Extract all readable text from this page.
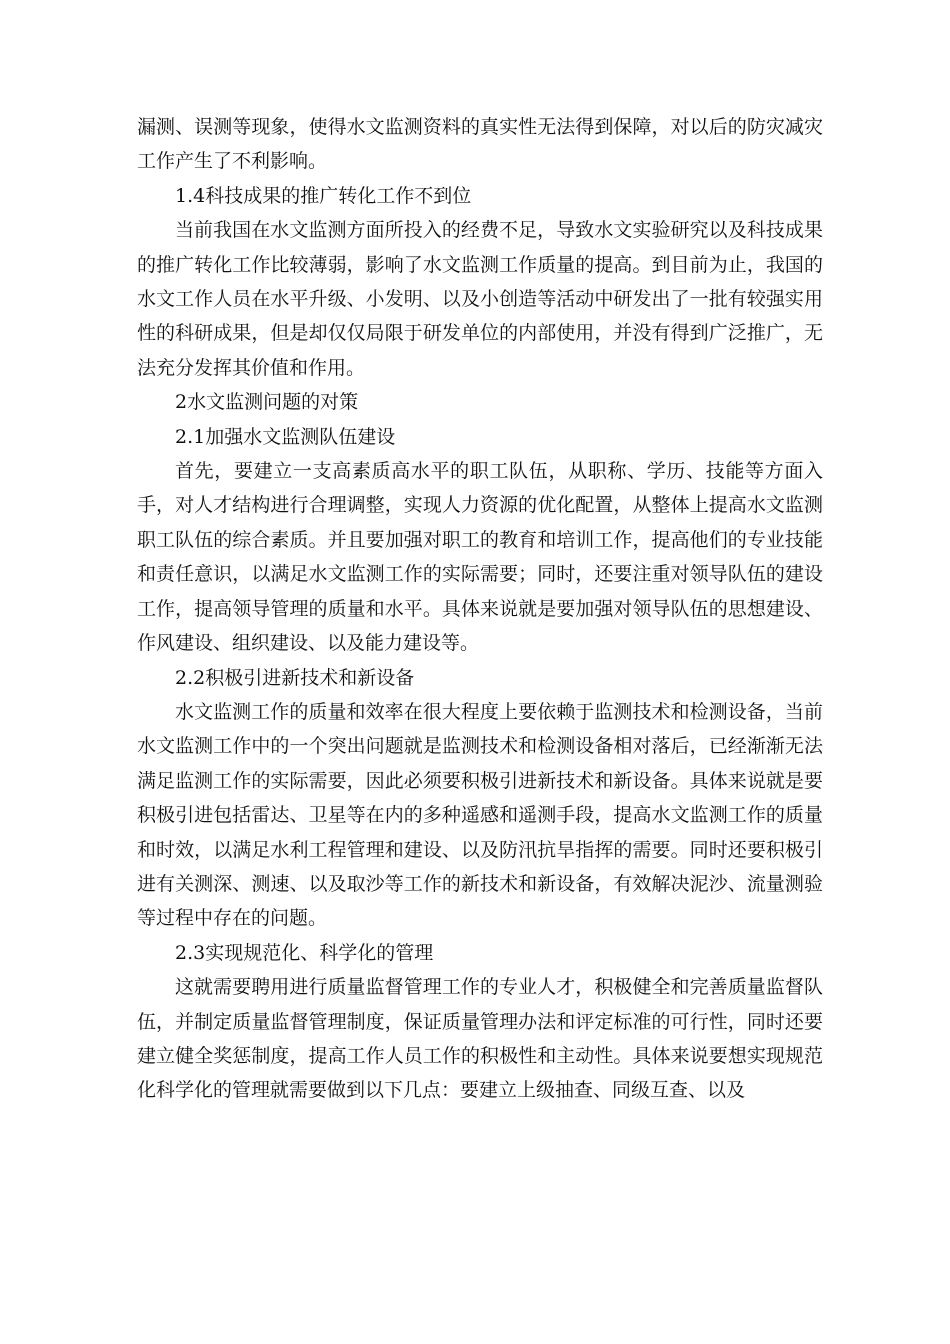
漏测、误测等现象，使得水文监测资料的真实性无法得到保障，对以后的防灾减灾工作产生了不利影响。

1.4科技成果的推广转化工作不到位

当前我国在水文监测方面所投入的经费不足，导致水文实验研究以及科技成果的推广转化工作比较薄弱，影响了水文监测工作质量的提高。到目前为止，我国的水文工作人员在水平升级、小发明、以及小创造等活动中研发出了一批有较强实用性的科研成果，但是却仅仅局限于研发单位的内部使用，并没有得到广泛推广，无法充分发挥其价值和作用。

2水文监测问题的对策

2.1加强水文监测队伍建设

首先，要建立一支高素质高水平的职工队伍，从职称、学历、技能等方面入手，对人才结构进行合理调整，实现人力资源的优化配置，从整体上提高水文监测职工队伍的综合素质。并且要加强对职工的教育和培训工作，提高他们的专业技能和责任意识，以满足水文监测工作的实际需要；同时，还要注重对领导队伍的建设工作，提高领导管理的质量和水平。具体来说就是要加强对领导队伍的思想建设、作风建设、组织建设、以及能力建设等。

2.2积极引进新技术和新设备

水文监测工作的质量和效率在很大程度上要依赖于监测技术和检测设备，当前水文监测工作中的一个突出问题就是监测技术和检测设备相对落后，已经渐渐无法满足监测工作的实际需要，因此必须要积极引进新技术和新设备。具体来说就是要积极引进包括雷达、卫星等在内的多种遥感和遥测手段，提高水文监测工作的质量和时效，以满足水利工程管理和建设、以及防汛抗旱指挥的需要。同时还要积极引进有关测深、测速、以及取沙等工作的新技术和新设备，有效解决泥沙、流量测验等过程中存在的问题。

2.3实现规范化、科学化的管理

这就需要聘用进行质量监督管理工作的专业人才，积极健全和完善质量监督队伍，并制定质量监督管理制度，保证质量管理办法和评定标准的可行性，同时还要建立健全奖惩制度，提高工作人员工作的积极性和主动性。具体来说要想实现规范化科学化的管理就需要做到以下几点：要建立上级抽查、同级互查、以及
